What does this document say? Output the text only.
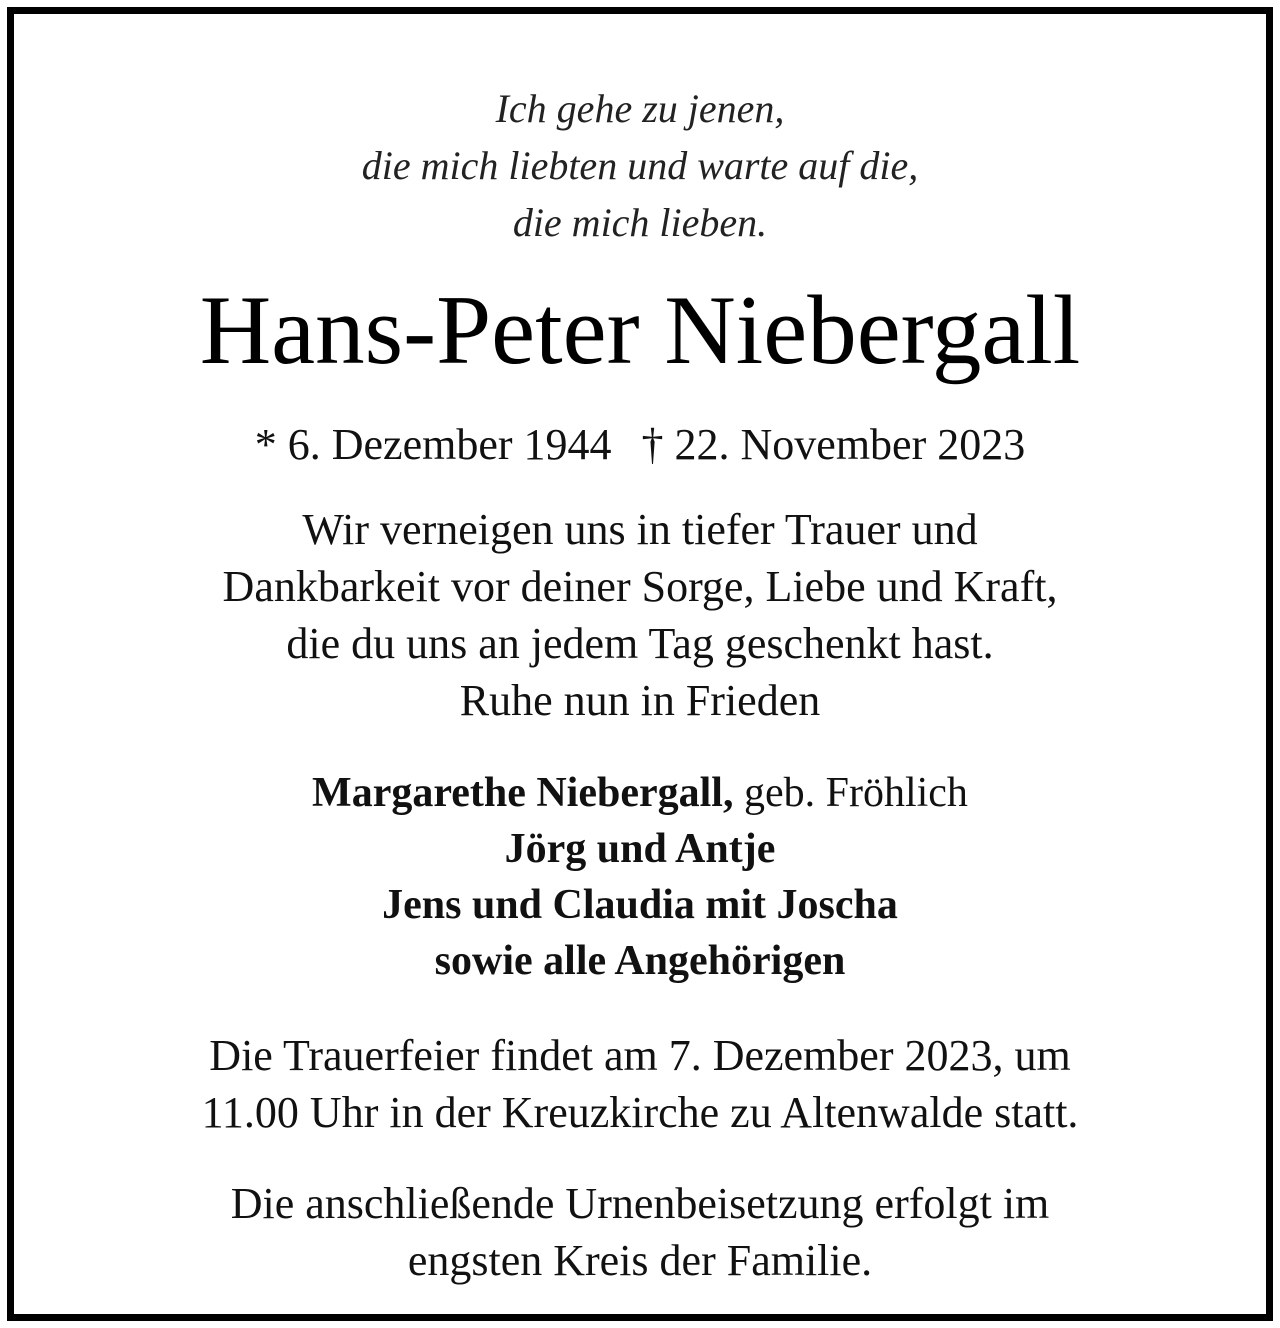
Ich gehe zu jenen,
die mich liebten und warte auf die,
die mich lieben.
Hans-Peter Niebergall
* 6. Dezember 1944 † 22. November 2023
Wir verneigen uns in tiefer Trauer und
Dankbarkeit vor deiner Sorge, Liebe und Kraft,
die du uns an jedem Tag geschenkt hast.
Ruhe nun in Frieden
Margarethe Niebergall, geb. Fröhlich
Jörg und Antje
Jens und Claudia mit Joscha
sowie alle Angehörigen
Die Trauerfeier findet am 7. Dezember 2023, um
11.00 Uhr in der Kreuzkirche zu Altenwalde statt.
Die anschließende Urnenbeisetzung erfolgt im
engsten Kreis der Familie.
